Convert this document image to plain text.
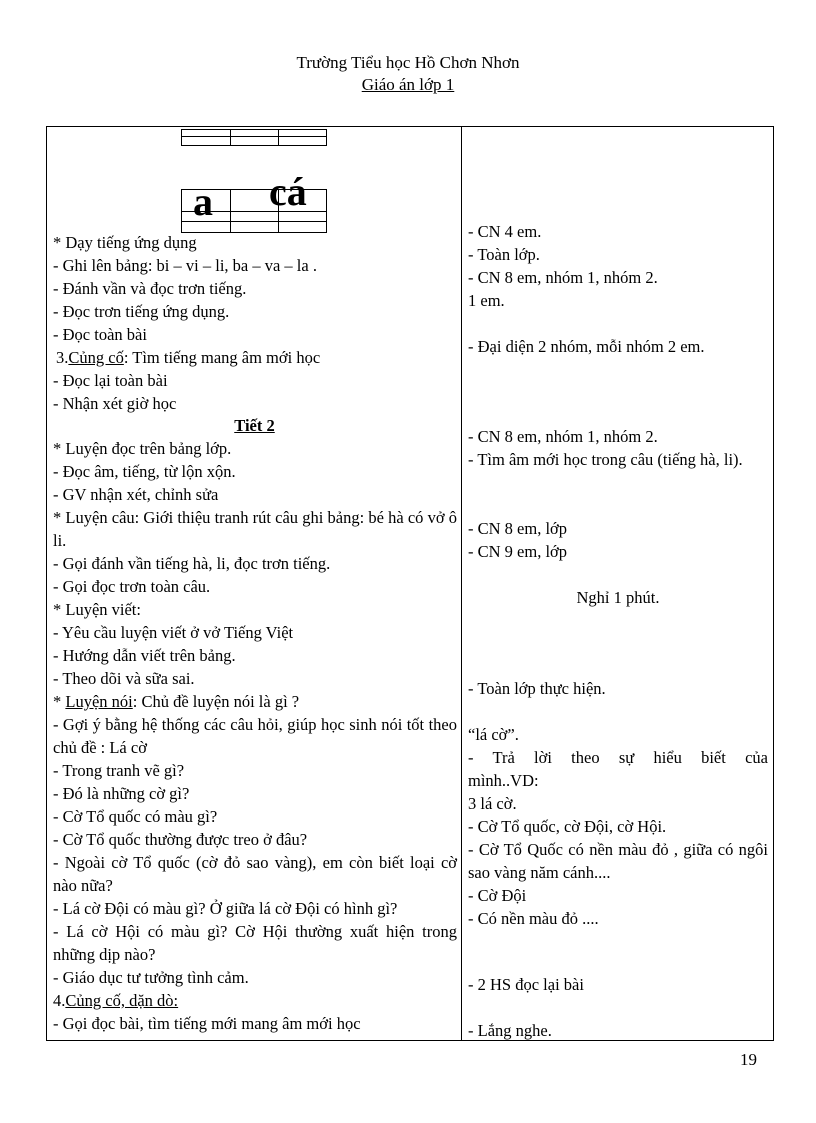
Trường Tiểu học Hồ Chơn Nhơn
Giáo án lớp 1
a cá
* Dạy tiếng ứng dụng
- Ghi lên bảng: bi – vi – li, ba – va – la .
- Đánh vần và đọc trơn tiếng.
- Đọc trơn tiếng ứng dụng.
- Đọc toàn bài
3.Củng cố: Tìm tiếng mang âm mới học
- Đọc lại toàn bài
- Nhận xét giờ học
Tiết 2
* Luyện đọc trên bảng lớp.
- Đọc âm, tiếng, từ lộn xộn.
- GV nhận xét, chỉnh sửa
* Luyện câu: Giới thiệu tranh rút câu ghi bảng: bé hà có vở ô li.
- Gọi đánh vần tiếng hà, li, đọc trơn tiếng.
- Gọi đọc trơn toàn câu.
* Luyện viết:
- Yêu cầu luyện viết ở vở Tiếng Việt
- Hướng dẫn viết trên bảng.
- Theo dõi và sữa sai.
* Luyện nói: Chủ đề luyện nói là gì ?
- Gợi ý bằng hệ thống các câu hỏi, giúp học sinh nói tốt theo chủ đề : Lá cờ
- Trong tranh vẽ gì?
- Đó là những cờ gì?
- Cờ Tổ quốc có màu gì?
- Cờ Tổ quốc thường được treo ở đâu?
- Ngoài cờ Tổ quốc (cờ đỏ sao vàng), em còn biết loại cờ nào nữa?
- Lá cờ Đội có màu gì? Ở giữa lá cờ Đội có hình gì?
- Lá cờ Hội có màu gì? Cờ Hội thường xuất hiện trong những dịp nào?
- Giáo dục tư tưởng tình cảm.
4.Củng cố, dặn dò:
- Gọi đọc bài, tìm tiếng mới mang âm mới học
- CN 4 em.
- Toàn lớp.
- CN 8 em, nhóm 1, nhóm 2.
1 em.
- Đại diện 2 nhóm, mỗi nhóm 2 em.
- CN 8 em, nhóm 1, nhóm 2.
- Tìm âm mới học trong câu (tiếng hà, li).
- CN 8 em, lớp
- CN 9 em, lớp
Nghỉ 1 phút.
- Toàn lớp thực hiện.
“lá cờ”.
- Trả lời theo sự hiểu biết của mình..VD:
3 lá cờ.
- Cờ Tổ quốc, cờ Đội, cờ Hội.
- Cờ Tổ Quốc có nền màu đỏ , giữa có ngôi sao vàng năm cánh....
- Cờ Đội
- Có nền màu đỏ ....
- 2 HS đọc lại bài
- Lắng nghe.
19
